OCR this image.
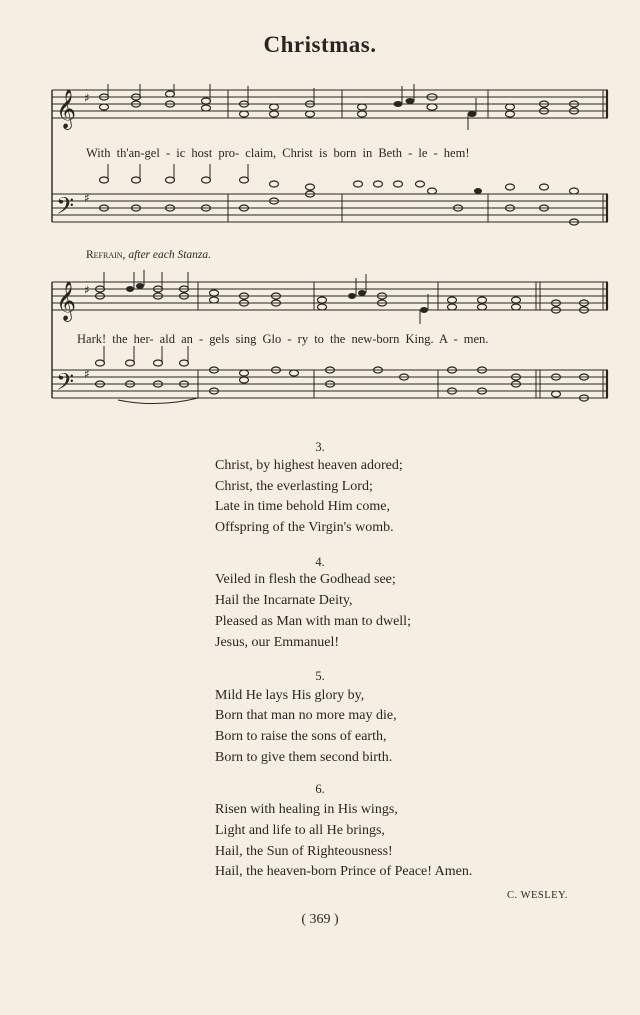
Christmas.
𝄞 ♯
𝄢 ♯
With th'an-gel - ic host pro- claim, Christ is born in Beth - le - hem!
Refrain, after each Stanza.
𝄞 ♯
𝄢 ♯
Hark! the her- ald an - gels sing Glo - ry to the new-born King. A - men.
3.
Christ, by highest heaven adored;
Christ, the everlasting Lord;
Late in time behold Him come,
Offspring of the Virgin's womb.
4.
Veiled in flesh the Godhead see;
Hail the Incarnate Deity,
Pleased as Man with man to dwell;
Jesus, our Emmanuel!
5.
Mild He lays His glory by,
Born that man no more may die,
Born to raise the sons of earth,
Born to give them second birth.
6.
Risen with healing in His wings,
Light and life to all He brings,
Hail, the Sun of Righteousness!
Hail, the heaven-born Prince of Peace! Amen.
C. WESLEY.
( 369 )
